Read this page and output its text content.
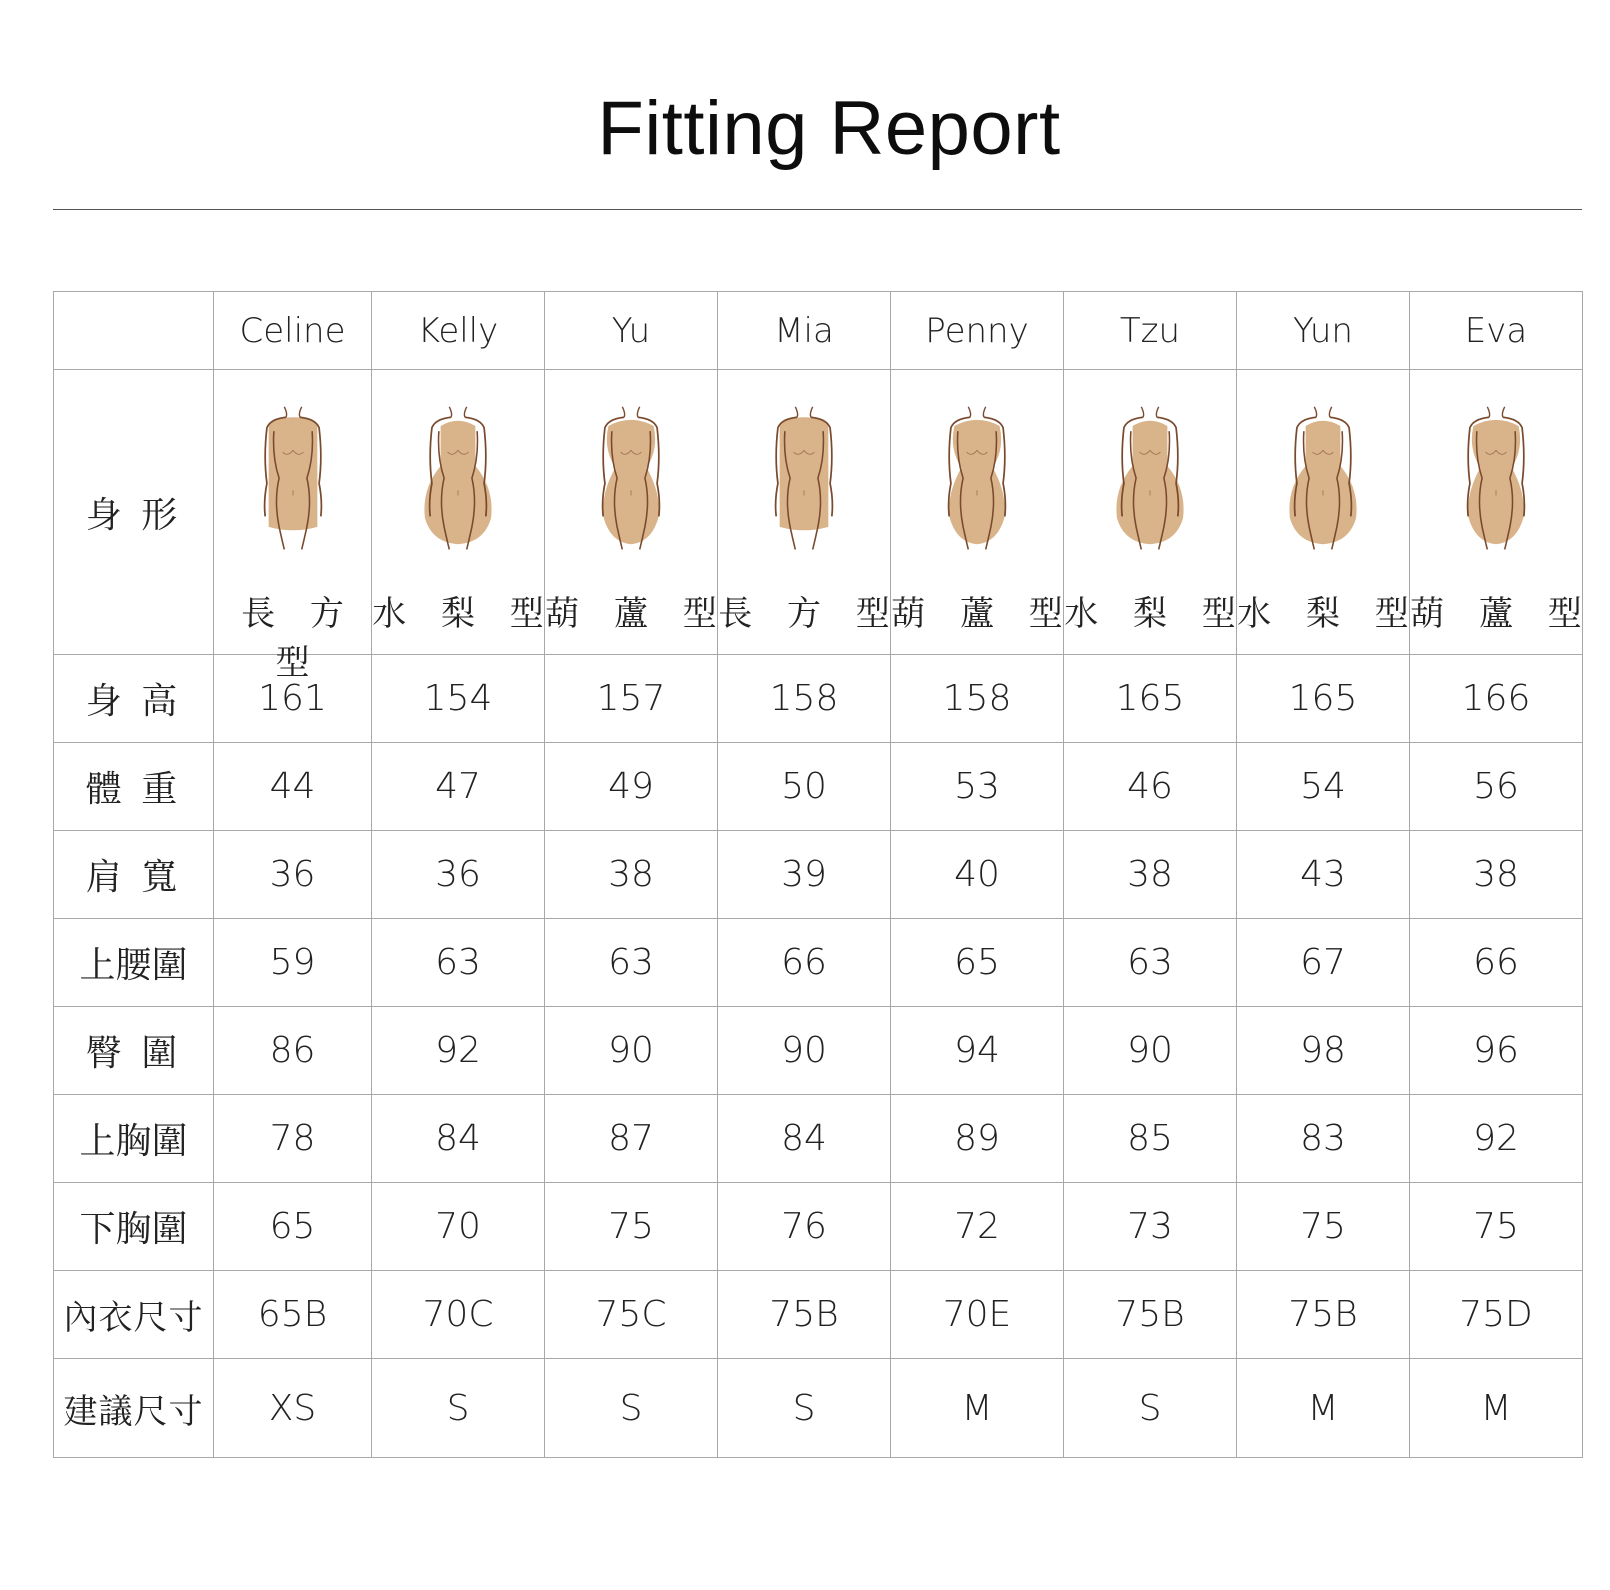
Fitting Report
	Celine	Kelly	Yu	Mia	Penny	Tzu	Yun	Eva
身 形	長 方 型	水 梨 型	葫 蘆 型	長 方 型	葫 蘆 型	水 梨 型	水 梨 型	葫 蘆 型

身 高	161	154	157	158	158	165	165	166
體 重	44	47	49	50	53	46	54	56
肩 寬	36	36	38	39	40	38	43	38
上腰圍	59	63	63	66	65	63	67	66
臀 圍	86	92	90	90	94	90	98	96
上胸圍	78	84	87	84	89	85	83	92
下胸圍	65	70	75	76	72	73	75	75
內衣尺寸	65B	70C	75C	75B	70E	75B	75B	75D
建議尺寸	XS	S	S	S	M	S	M	M
